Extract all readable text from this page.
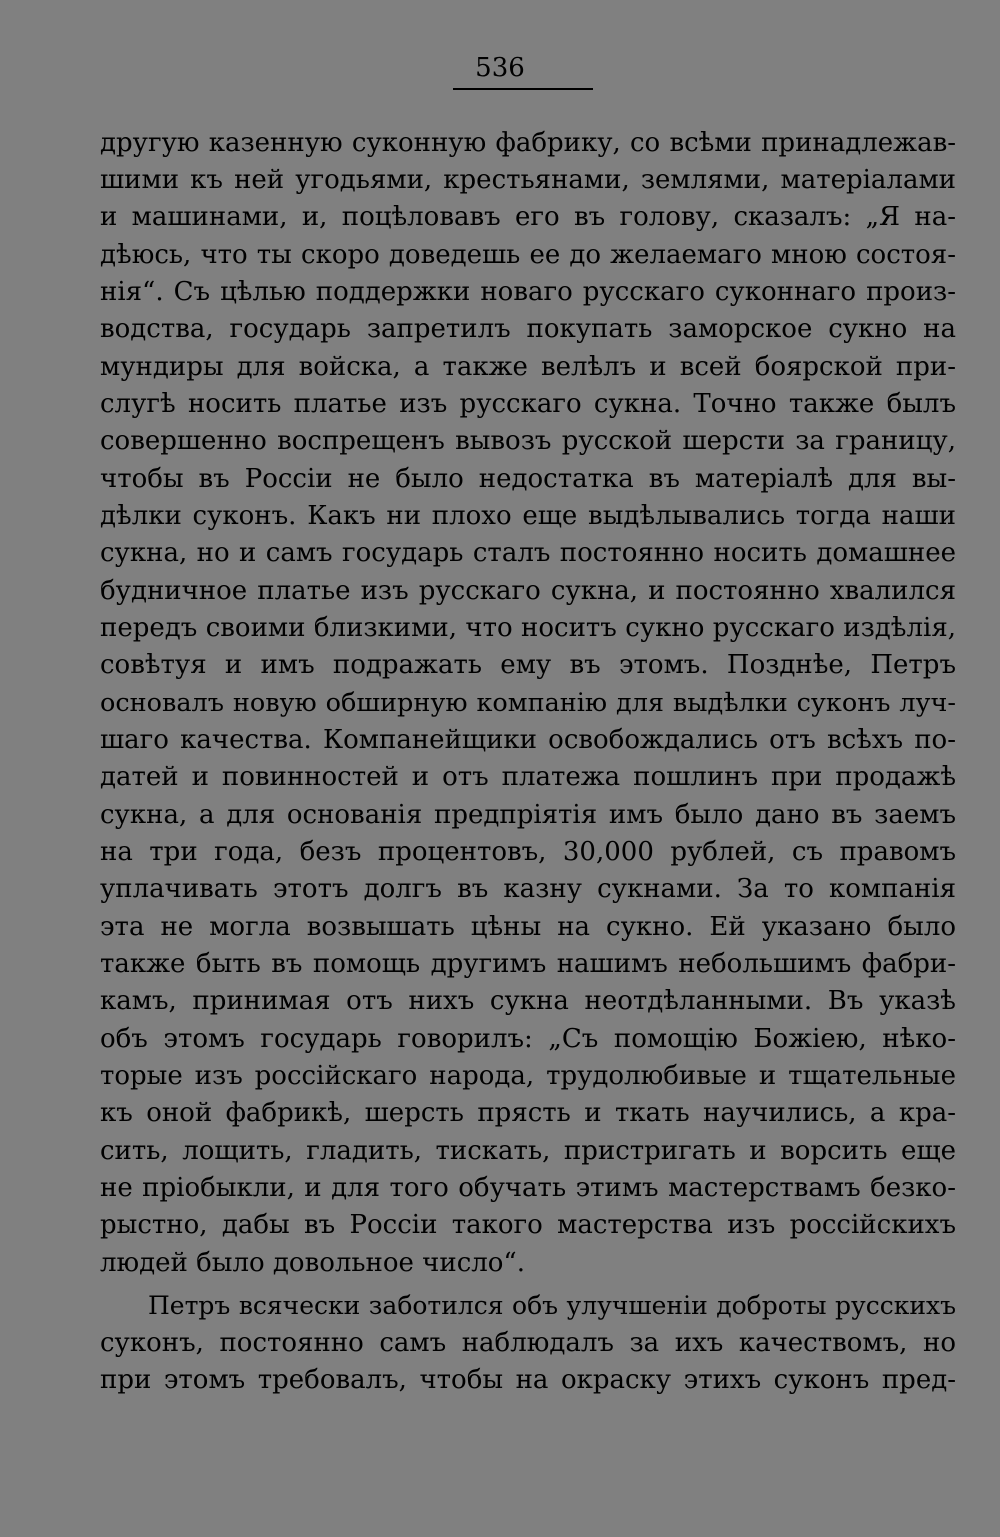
536
другую казенную суконную фабрику, со всѣми принадлежав-
шими къ ней угодьями, крестьянами, землями, матеріалами
и машинами, и, поцѣловавъ его въ голову, сказалъ: „Я на-
дѣюсь, что ты скоро доведешь ее до желаемаго мною состоя-
нія“. Съ цѣлью поддержки новаго русскаго суконнаго произ-
водства, государь запретилъ покупать заморское сукно на
мундиры для войска, а также велѣлъ и всей боярской при-
слугѣ носить платье изъ русскаго сукна. Точно также былъ
совершенно воспрещенъ вывозъ русской шерсти за границу,
чтобы въ Россіи не было недостатка въ матеріалѣ для вы-
дѣлки суконъ. Какъ ни плохо еще выдѣлывались тогда наши
сукна, но и самъ государь сталъ постоянно носить домашнее
будничное платье изъ русскаго сукна, и постоянно хвалился
передъ своими близкими, что носитъ сукно русскаго издѣлія,
совѣтуя и имъ подражать ему въ этомъ. Позднѣе, Петръ
основалъ новую обширную компанію для выдѣлки суконъ луч-
шаго качества. Компанейщики освобождались отъ всѣхъ по-
датей и повинностей и отъ платежа пошлинъ при продажѣ
сукна, а для основанія предпріятія имъ было дано въ заемъ
на три года, безъ процентовъ, 30,000 рублей, съ правомъ
уплачивать этотъ долгъ въ казну сукнами. За то компанія
эта не могла возвышать цѣны на сукно. Ей указано было
также быть въ помощь другимъ нашимъ небольшимъ фабри-
камъ, принимая отъ нихъ сукна неотдѣланными. Въ указѣ
объ этомъ государь говорилъ: „Съ помощію Божіею, нѣко-
торые изъ россійскаго народа, трудолюбивые и тщательные
къ оной фабрикѣ, шерсть прясть и ткать научились, а кра-
сить, лощить, гладить, тискать, пристригать и ворсить еще
не пріобыкли, и для того обучать этимъ мастерствамъ безко-
рыстно, дабы въ Россіи такого мастерства изъ россійскихъ
людей было довольное число“.
Петръ всячески заботился объ улучшеніи доброты русскихъ
суконъ, постоянно самъ наблюдалъ за ихъ качествомъ, но
при этомъ требовалъ, чтобы на окраску этихъ суконъ пред-
